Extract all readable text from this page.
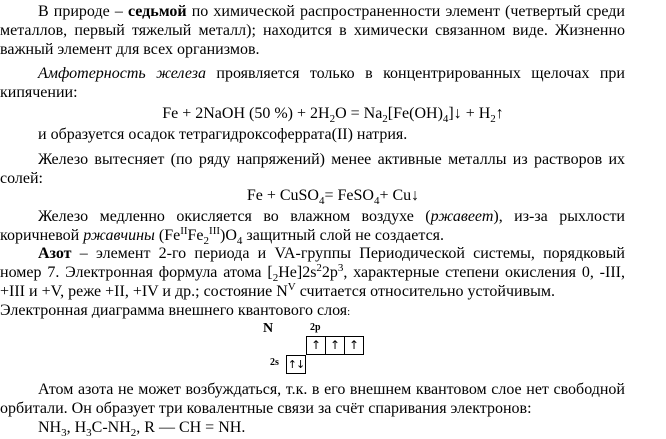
В природе – седьмой по химической распространенности элемент (четвертый среди
металлов, первый тяжелый металл); находится в химически связанном виде. Жизненно
важный элемент для всех организмов.
Амфотерность железа проявляется только в концентрированных щелочах при
кипячении:
Fe + 2NaOH (50 %) + $2H_2O$ = $Na_2[Fe(OH)_4]↓$ + $H_2↑$
и образуется осадок тетрагидроксоферрата(II) натрия.
Железо вытесняет (по ряду напряжений) менее активные металлы из растворов их
солей:
Fe + CuSO$_4$= FeSO$_4$+ Cu↓
Железо медленно окисляется во влажном воздухе (ржавеет), из-за рыхлости
коричневой ржавчины $(Fe^{II}Fe_2^{III})O_4$ защитный слой не создается.
Азот – элемент 2-го периода и VA-группы Периодической системы, порядковый
номер 7. Электронная формула атома $[_2He]2s^22p^3$, характерные степени окисления 0, -III,
+III и +V, реже +II, +IV и др.; состояние $N^V$ считается относительно устойчивым.
Электронная диаграмма внешнего квантового слоя:
N	2p
2s
↑ ↑ ↑
↑↓
Атом азота не может возбуждаться, т.к. в его внешнем квантовом слое нет свободной
орбитали. Он образует три ковалентные связи за счёт спаривания электронов:
$NH_3$, $H_3C-NH_2$, R — CH = NH.
